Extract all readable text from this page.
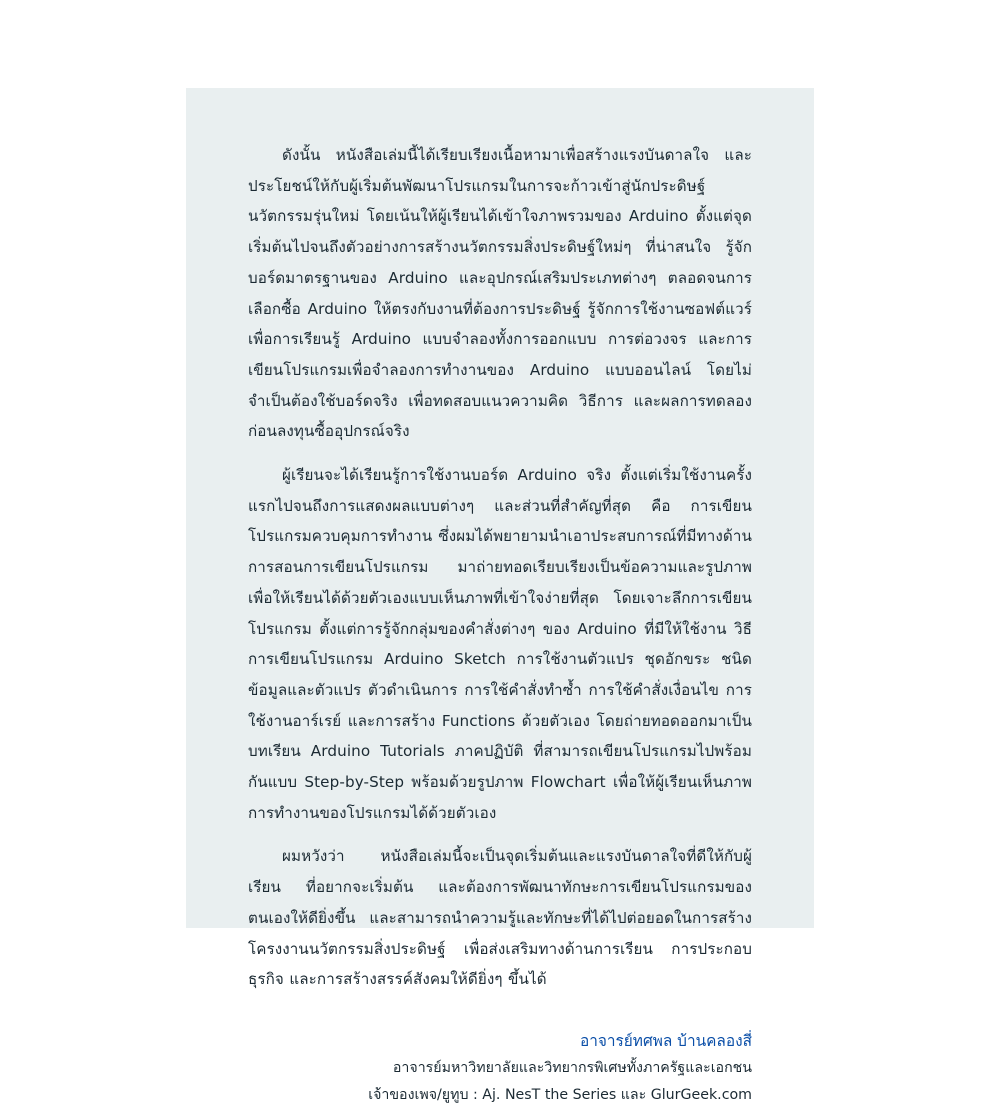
ดังนั้น หนังสือเล่มนี้ได้เรียบเรียงเนื้อหามาเพื่อสร้างแรงบันดาลใจ และประโยชน์ให้กับผู้เริ่มต้นพัฒนาโปรแกรมในการจะก้าวเข้าสู่นักประดิษฐ์นวัตกรรมรุ่นใหม่ โดยเน้นให้ผู้เรียนได้เข้าใจภาพรวมของ Arduino ตั้งแต่จุดเริ่มต้นไปจนถึงตัวอย่างการสร้างนวัตกรรมสิ่งประดิษฐ์ใหม่ๆ ที่น่าสนใจ รู้จักบอร์ดมาตรฐานของ Arduino และอุปกรณ์เสริมประเภทต่างๆ ตลอดจนการเลือกซื้อ Arduino ให้ตรงกับงานที่ต้องการประดิษฐ์ รู้จักการใช้งานซอฟต์แวร์เพื่อการเรียนรู้ Arduino แบบจำลองทั้งการออกแบบ การต่อวงจร และการเขียนโปรแกรมเพื่อจำลองการทำงานของ Arduino แบบออนไลน์ โดยไม่จำเป็นต้องใช้บอร์ดจริง เพื่อทดสอบแนวความคิด วิธีการ และผลการทดลองก่อนลงทุนซื้ออุปกรณ์จริง

ผู้เรียนจะได้เรียนรู้การใช้งานบอร์ด Arduino จริง ตั้งแต่เริ่มใช้งานครั้งแรกไปจนถึงการแสดงผลแบบต่างๆ และส่วนที่สำคัญที่สุด คือ การเขียนโปรแกรมควบคุมการทำงาน ซึ่งผมได้พยายามนำเอาประสบการณ์ที่มีทางด้านการสอนการเขียนโปรแกรม มาถ่ายทอดเรียบเรียงเป็นข้อความและรูปภาพ เพื่อให้เรียนได้ด้วยตัวเองแบบเห็นภาพที่เข้าใจง่ายที่สุด โดยเจาะลึกการเขียนโปรแกรม ตั้งแต่การรู้จักกลุ่มของคำสั่งต่างๆ ของ Arduino ที่มีให้ใช้งาน วิธีการเขียนโปรแกรม Arduino Sketch การใช้งานตัวแปร ชุดอักขระ ชนิดข้อมูลและตัวแปร ตัวดำเนินการ การใช้คำสั่งทำซ้ำ การใช้คำสั่งเงื่อนไข การใช้งานอาร์เรย์ และการสร้าง Functions ด้วยตัวเอง โดยถ่ายทอดออกมาเป็นบทเรียน Arduino Tutorials ภาคปฏิบัติ ที่สามารถเขียนโปรแกรมไปพร้อมกันแบบ Step-by-Step พร้อมด้วยรูปภาพ Flowchart เพื่อให้ผู้เรียนเห็นภาพการทำงานของโปรแกรมได้ด้วยตัวเอง

ผมหวังว่า หนังสือเล่มนี้จะเป็นจุดเริ่มต้นและแรงบันดาลใจที่ดีให้กับผู้เรียน ที่อยากจะเริ่มต้น และต้องการพัฒนาทักษะการเขียนโปรแกรมของตนเองให้ดียิ่งขึ้น และสามารถนำความรู้และทักษะที่ได้ไปต่อยอดในการสร้างโครงงานนวัตกรรมสิ่งประดิษฐ์ เพื่อส่งเสริมทางด้านการเรียน การประกอบธุรกิจ และการสร้างสรรค์สังคมให้ดียิ่งๆ ขึ้นได้

อาจารย์ทศพล บ้านคลองสี่
อาจารย์มหาวิทยาลัยและวิทยากรพิเศษทั้งภาครัฐและเอกชน
เจ้าของเพจ/ยูทูบ : Aj. NesT the Series และ GlurGeek.com
